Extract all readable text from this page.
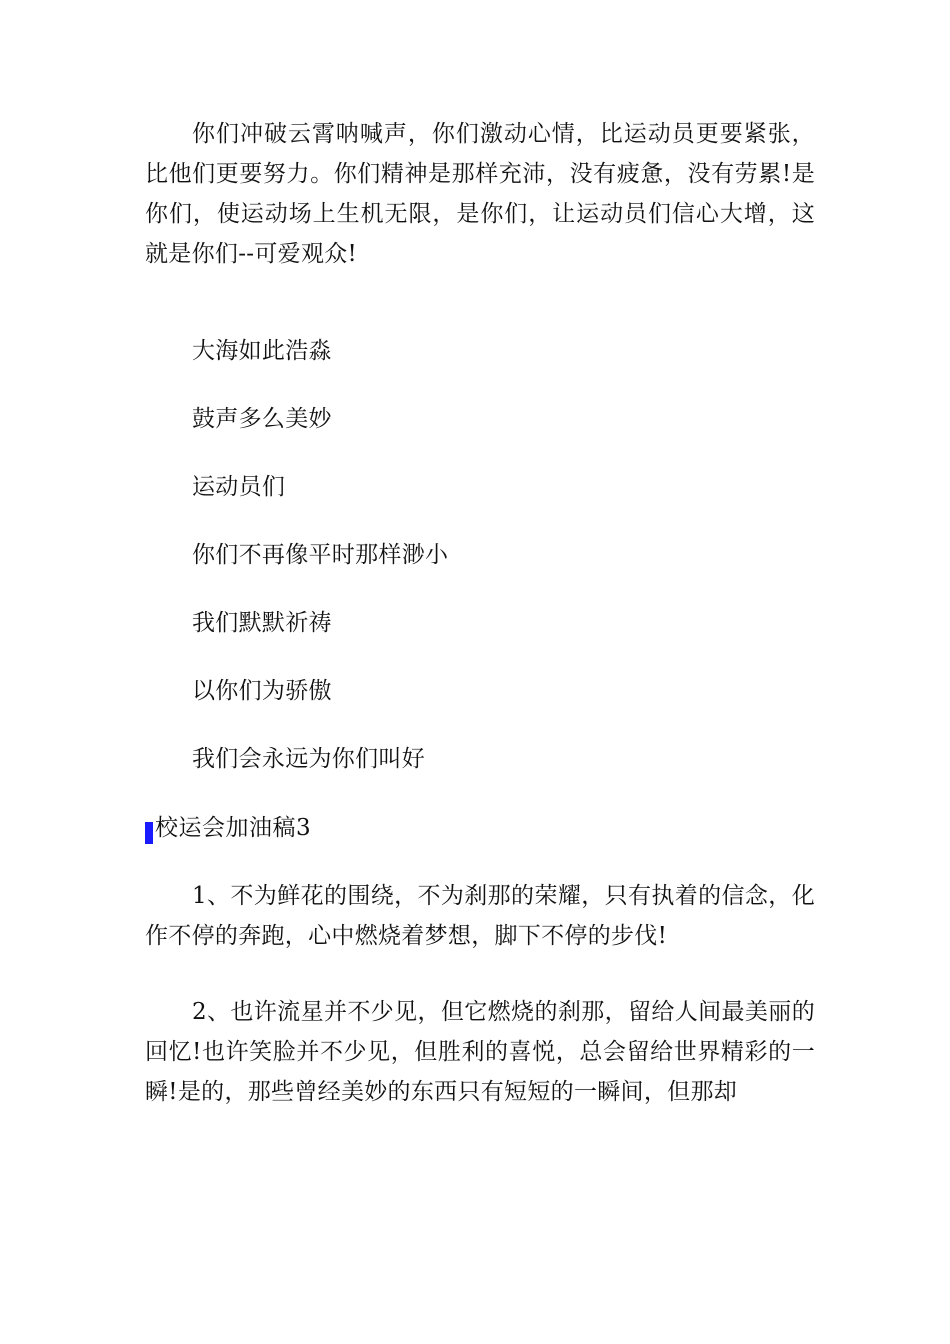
你们冲破云霄呐喊声，你们激动心情，比运动员更要紧张，比他们更要努力。你们精神是那样充沛，没有疲惫，没有劳累!是你们，使运动场上生机无限，是你们，让运动员们信心大增，这就是你们--可爱观众!

大海如此浩淼

鼓声多么美妙

运动员们

你们不再像平时那样渺小

我们默默祈祷

以你们为骄傲

我们会永远为你们叫好

校运会加油稿3

1、不为鲜花的围绕，不为刹那的荣耀，只有执着的信念，化作不停的奔跑，心中燃烧着梦想，脚下不停的步伐!

2、也许流星并不少见，但它燃烧的刹那，留给人间最美丽的回忆!也许笑脸并不少见，但胜利的喜悦，总会留给世界精彩的一瞬!是的，那些曾经美妙的东西只有短短的一瞬间，但那却
